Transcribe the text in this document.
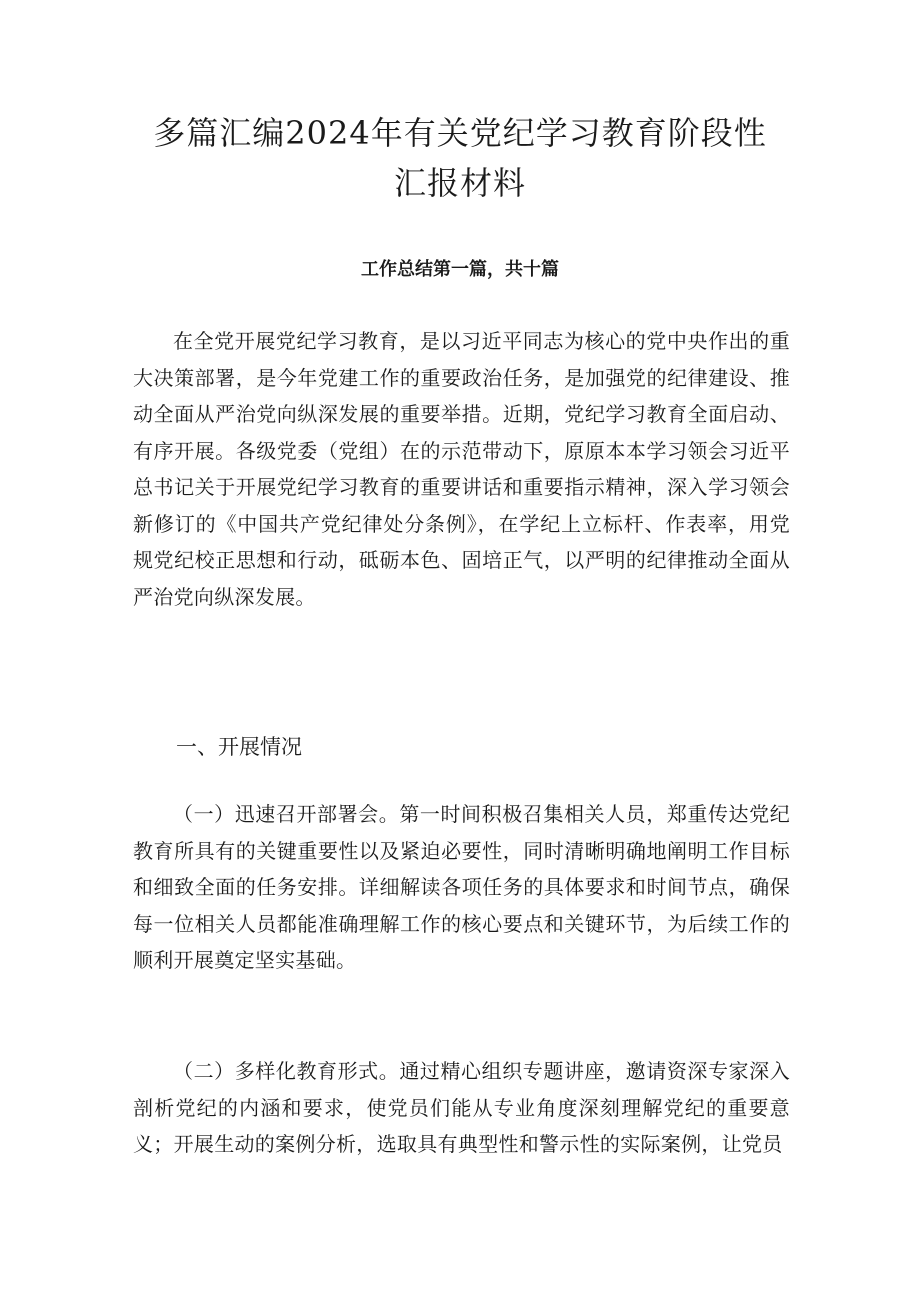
多篇汇编2024年有关党纪学习教育阶段性
汇报材料

工作总结第一篇，共十篇

在全党开展党纪学习教育，是以习近平同志为核心的党中央作出的重大决策部署，是今年党建工作的重要政治任务，是加强党的纪律建设、推动全面从严治党向纵深发展的重要举措。近期，党纪学习教育全面启动、有序开展。各级党委（党组）在的示范带动下，原原本本学习领会习近平总书记关于开展党纪学习教育的重要讲话和重要指示精神，深入学习领会新修订的《中国共产党纪律处分条例》，在学纪上立标杆、作表率，用党规党纪校正思想和行动，砥砺本色、固培正气，以严明的纪律推动全面从严治党向纵深发展。

一、开展情况

（一）迅速召开部署会。第一时间积极召集相关人员，郑重传达党纪教育所具有的关键重要性以及紧迫必要性，同时清晰明确地阐明工作目标和细致全面的任务安排。详细解读各项任务的具体要求和时间节点，确保每一位相关人员都能准确理解工作的核心要点和关键环节，为后续工作的顺利开展奠定坚实基础。

（二）多样化教育形式。通过精心组织专题讲座，邀请资深专家深入剖析党纪的内涵和要求，使党员们能从专业角度深刻理解党纪的重要意义；开展生动的案例分析，选取具有典型性和警示性的实际案例，让党员
